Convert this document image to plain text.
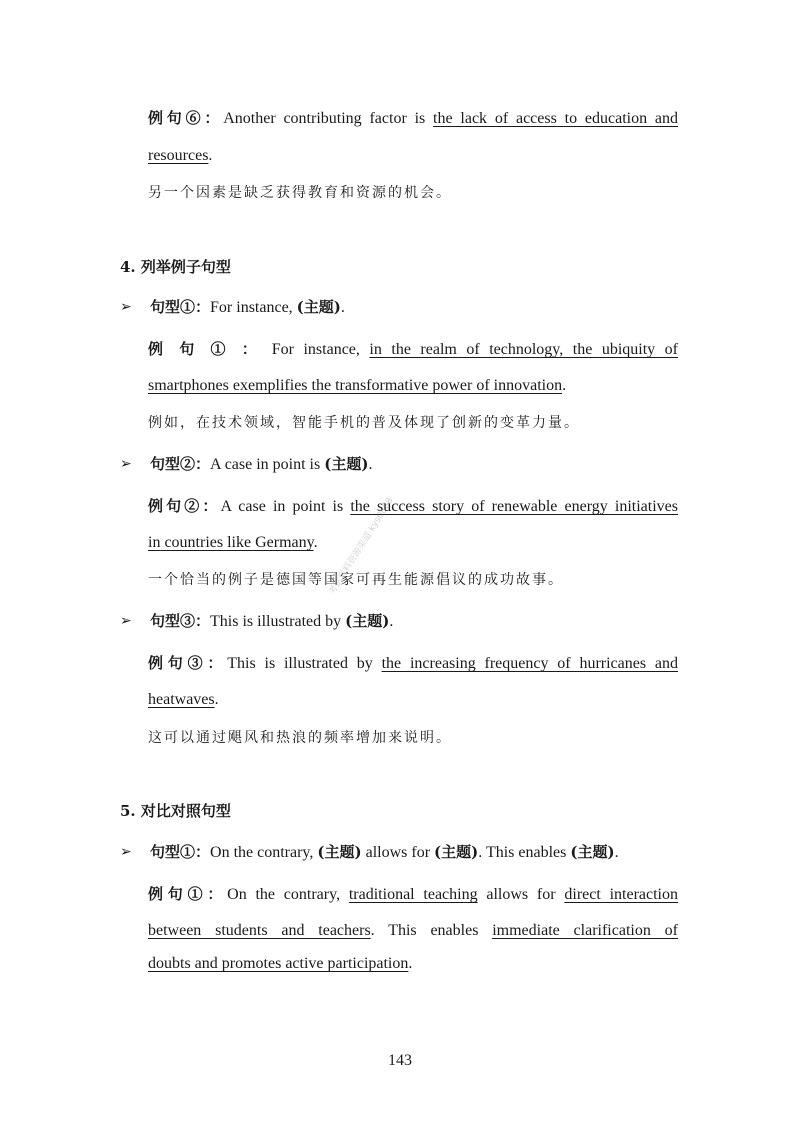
例句⑥：Another contributing factor is the lack of access to education and
resources.
另一个因素是缺乏获得教育和资源的机会。
4. 列举例子句型
➢ 句型①：For instance, (主题).
例 句 ① ： For instance, in the realm of technology, the ubiquity of
smartphones exemplifies the transformative power of innovation.
例如，在技术领域，智能手机的普及体现了创新的变革力量。
➢ 句型②：A case in point is (主题).
例句②：A case in point is the success story of renewable energy initiatives
in countries like Germany.
一个恰当的例子是德国等国家可再生能源倡议的成功故事。
➢ 句型③：This is illustrated by (主题).
例句③：This is illustrated by the increasing frequency of hurricanes and
heatwaves.
这可以通过飓风和热浪的频率增加来说明。
5. 对比对照句型
➢ 句型①：On the contrary, (主题) allows for (主题). This enables (主题).
例句①：On the contrary, traditional teaching allows for direct interaction
between students and teachers. This enables immediate clarification of
doubts and promotes active participation.
143
考试资料资源渠道 kys0888
